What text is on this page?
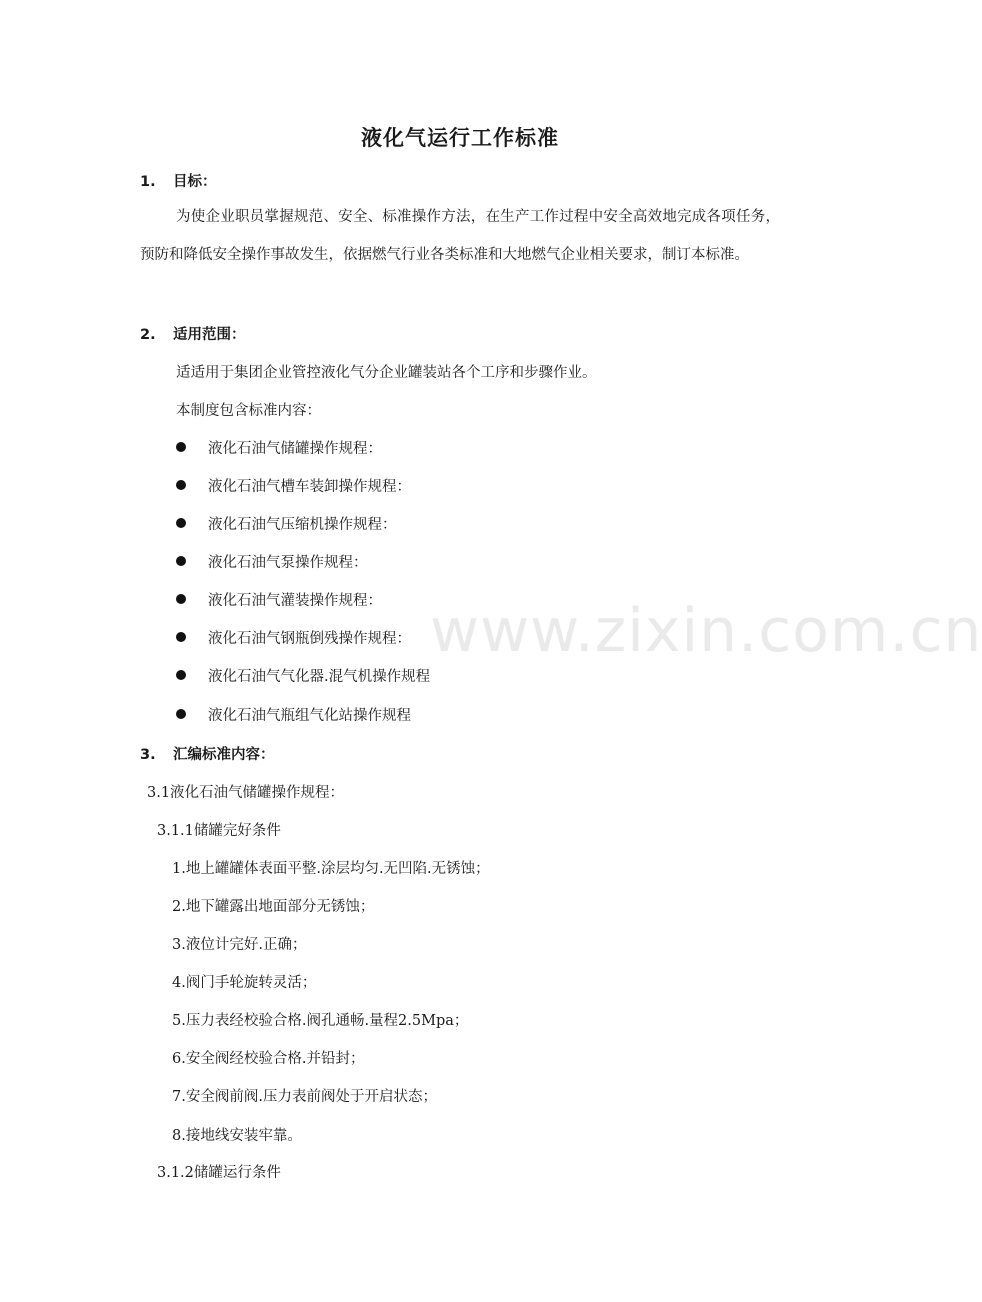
www.zixin.com.cn
液化气运行工作标准
1. 目标：
为使企业职员掌握规范、安全、标准操作方法，在生产工作过程中安全高效地完成各项任务，预防和降低安全操作事故发生，依据燃气行业各类标准和大地燃气企业相关要求，制订本标准。
2. 适用范围：
适适用于集团企业管控液化气分企业罐装站各个工序和步骤作业。
本制度包含标准内容：
液化石油气储罐操作规程：
液化石油气槽车装卸操作规程：
液化石油气压缩机操作规程：
液化石油气泵操作规程：
液化石油气灌装操作规程：
液化石油气钢瓶倒残操作规程：
液化石油气气化器.混气机操作规程
液化石油气瓶组气化站操作规程
3. 汇编标准内容：
3.1液化石油气储罐操作规程：
3.1.1储罐完好条件
1.地上罐罐体表面平整.涂层均匀.无凹陷.无锈蚀；
2.地下罐露出地面部分无锈蚀；
3.液位计完好.正确；
4.阀门手轮旋转灵活；
5.压力表经校验合格.阀孔通畅.量程2.5Mpa；
6.安全阀经校验合格.并铅封；
7.安全阀前阀.压力表前阀处于开启状态；
8.接地线安装牢靠。
3.1.2储罐运行条件
